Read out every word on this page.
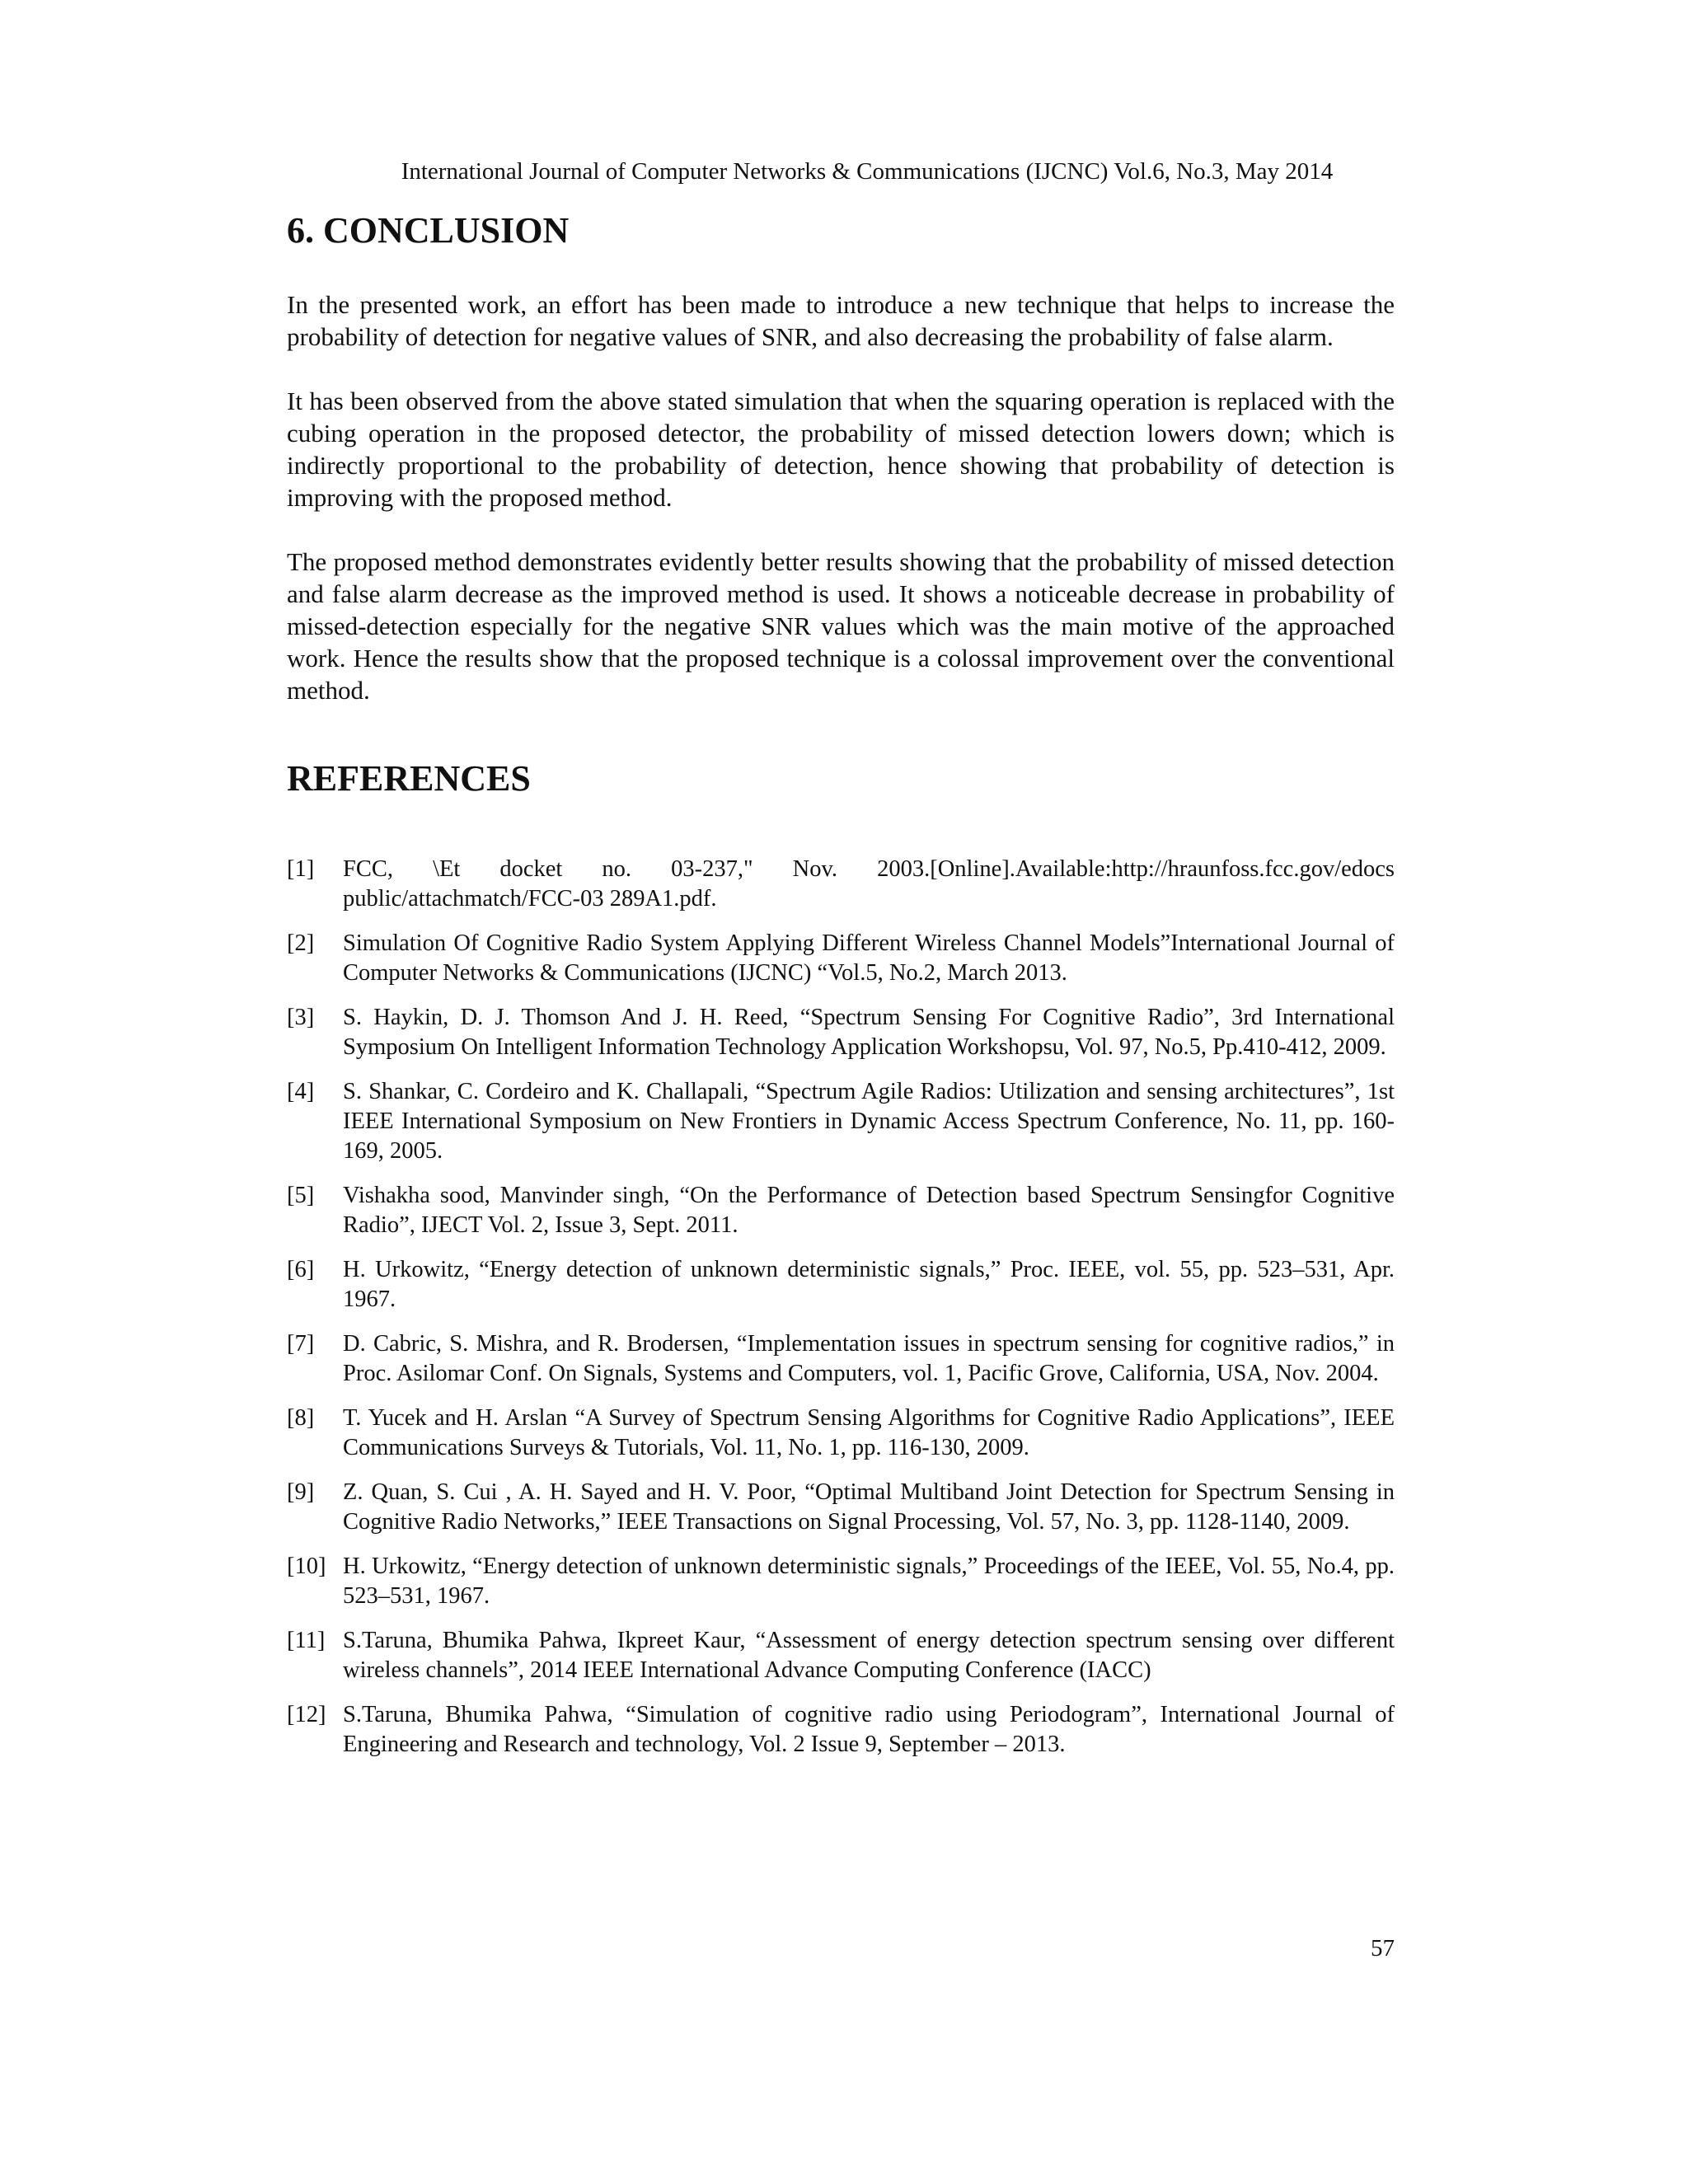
International Journal of Computer Networks & Communications (IJCNC) Vol.6, No.3, May 2014
6. CONCLUSION

In the presented work, an effort has been made to introduce a new technique that helps to increase the probability of detection for negative values of SNR, and also decreasing the probability of false alarm.

It has been observed from the above stated simulation that when the squaring operation is replaced with the cubing operation in the proposed detector, the probability of missed detection lowers down; which is indirectly proportional to the probability of detection, hence showing that probability of detection is improving with the proposed method.

The proposed method demonstrates evidently better results showing that the probability of missed detection and false alarm decrease as the improved method is used. It shows a noticeable decrease in probability of missed-detection especially for the negative SNR values which was the main motive of the approached work. Hence the results show that the proposed technique is a colossal improvement over the conventional method.

REFERENCES
[1]	FCC, \Et docket no. 03-237," Nov. 2003.[Online].Available:http://hraunfoss.fcc.gov/edocs public/attachmatch/FCC-03 289A1.pdf.
[2]	Simulation Of Cognitive Radio System Applying Different Wireless Channel Models”International Journal of Computer Networks & Communications (IJCNC) “Vol.5, No.2, March 2013.
[3]	S. Haykin, D. J. Thomson And J. H. Reed, “Spectrum Sensing For Cognitive Radio”, 3rd International Symposium On Intelligent Information Technology Application Workshopsu, Vol. 97, No.5, Pp.410-412, 2009.
[4]	S. Shankar, C. Cordeiro and K. Challapali, “Spectrum Agile Radios: Utilization and sensing architectures”, 1st IEEE International Symposium on New Frontiers in Dynamic Access Spectrum Conference, No. 11, pp. 160-169, 2005.
[5]	Vishakha sood, Manvinder singh, “On the Performance of Detection based Spectrum Sensingfor Cognitive Radio”, IJECT Vol. 2, Issue 3, Sept. 2011.
[6]	H. Urkowitz, “Energy detection of unknown deterministic signals,” Proc. IEEE, vol. 55, pp. 523–531, Apr. 1967.
[7]	D. Cabric, S. Mishra, and R. Brodersen, “Implementation issues in spectrum sensing for cognitive radios,” in Proc. Asilomar Conf. On Signals, Systems and Computers, vol. 1, Pacific Grove, California, USA, Nov. 2004.
[8]	T. Yucek and H. Arslan “A Survey of Spectrum Sensing Algorithms for Cognitive Radio Applications”, IEEE Communications Surveys & Tutorials, Vol. 11, No. 1, pp. 116-130, 2009.
[9]	Z. Quan, S. Cui , A. H. Sayed and H. V. Poor, “Optimal Multiband Joint Detection for Spectrum Sensing in Cognitive Radio Networks,” IEEE Transactions on Signal Processing, Vol. 57, No. 3, pp. 1128-1140, 2009.
[10] H. Urkowitz, “Energy detection of unknown deterministic signals,” Proceedings of the IEEE, Vol. 55, No.4, pp. 523–531, 1967.
[11] S.Taruna, Bhumika Pahwa, Ikpreet Kaur, “Assessment of energy detection spectrum sensing over different wireless channels”, 2014 IEEE International Advance Computing Conference (IACC)
[12] S.Taruna, Bhumika Pahwa, “Simulation of cognitive radio using Periodogram”, International Journal of Engineering and Research and technology, Vol. 2 Issue 9, September – 2013.
57
